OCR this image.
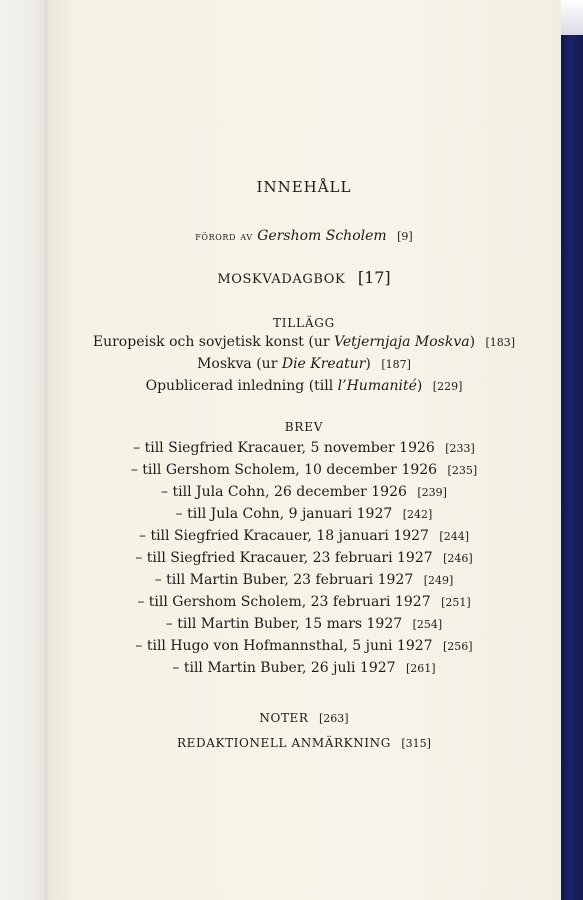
INNEHÅLL
förord av Gershom Scholem [9]
MOSKVADAGBOK [17]
TILLÄGG
Europeisk och sovjetisk konst (ur Vetjernjaja Moskva) [183]
Moskva (ur Die Kreatur) [187]
Opublicerad inledning (till l’Humanité) [229]
BREV
– till Siegfried Kracauer, 5 november 1926 [233]
– till Gershom Scholem, 10 december 1926 [235]
– till Jula Cohn, 26 december 1926 [239]
– till Jula Cohn, 9 januari 1927 [242]
– till Siegfried Kracauer, 18 januari 1927 [244]
– till Siegfried Kracauer, 23 februari 1927 [246]
– till Martin Buber, 23 februari 1927 [249]
– till Gershom Scholem, 23 februari 1927 [251]
– till Martin Buber, 15 mars 1927 [254]
– till Hugo von Hofmannsthal, 5 juni 1927 [256]
– till Martin Buber, 26 juli 1927 [261]
NOTER [263]
REDAKTIONELL ANMÄRKNING [315]
